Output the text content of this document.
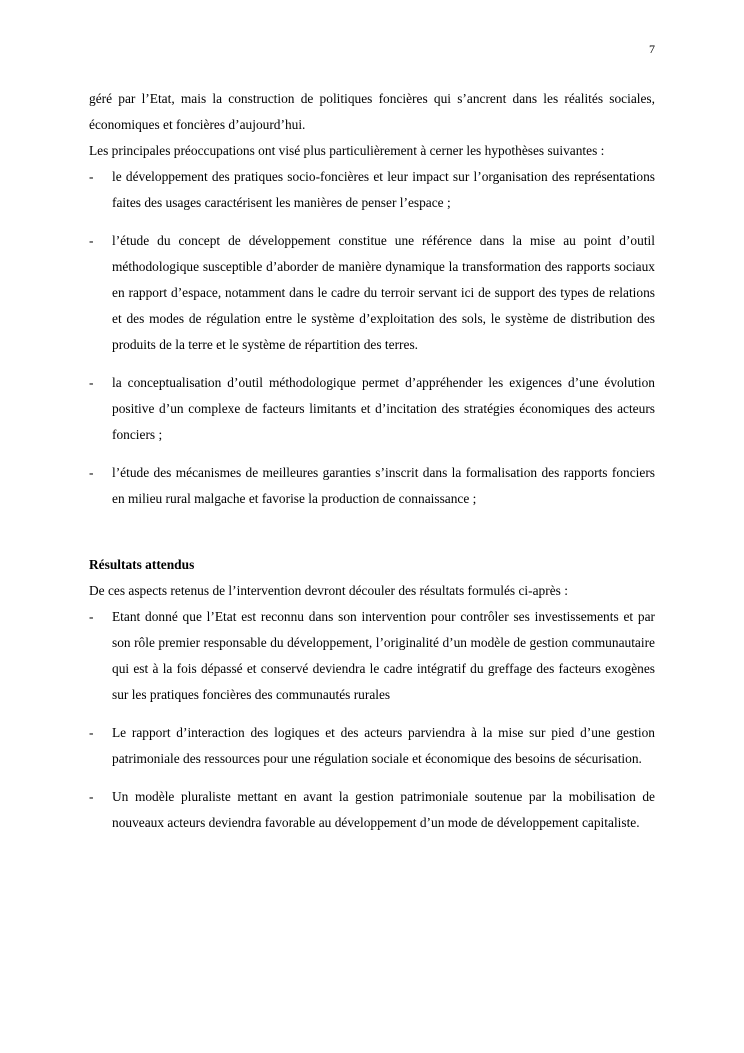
7

géré par l’Etat, mais la construction de politiques foncières qui s’ancrent dans les réalités sociales, économiques et foncières d’aujourd’hui.

Les principales préoccupations ont visé plus particulièrement à cerner les hypothèses suivantes :

- le développement des pratiques socio-foncières et leur impact sur l’organisation des représentations faites des usages caractérisent les manières de penser l’espace ;
- l’étude du concept de développement constitue une référence dans la mise au point d’outil méthodologique susceptible d’aborder de manière dynamique la transformation des rapports sociaux en rapport d’espace, notamment dans le cadre du terroir servant ici de support des types de relations et des modes de régulation entre le système d’exploitation des sols, le système de distribution des produits de la terre et le système de répartition des terres.
- la conceptualisation d’outil méthodologique permet d’appréhender les exigences d’une évolution positive d’un complexe de facteurs limitants et d’incitation des stratégies économiques des acteurs fonciers ;
- l’étude des mécanismes de meilleures garanties s’inscrit dans la formalisation des rapports fonciers en milieu rural malgache et favorise la production de connaissance ;

Résultats attendus

De ces aspects retenus de l’intervention devront découler des résultats formulés ci-après :

- Etant donné que l’Etat est reconnu dans son intervention pour contrôler ses investissements et par son rôle premier responsable du développement, l’originalité d’un modèle de gestion communautaire qui est à la fois dépassé et conservé deviendra le cadre intégratif du greffage des facteurs exogènes sur les pratiques foncières des communautés rurales
- Le rapport d’interaction des logiques et des acteurs parviendra à la mise sur pied d’une gestion patrimoniale des ressources pour une régulation sociale et économique des besoins de sécurisation.
- Un modèle pluraliste mettant en avant la gestion patrimoniale soutenue par la mobilisation de nouveaux acteurs deviendra favorable au développement d’un mode de développement capitaliste.
